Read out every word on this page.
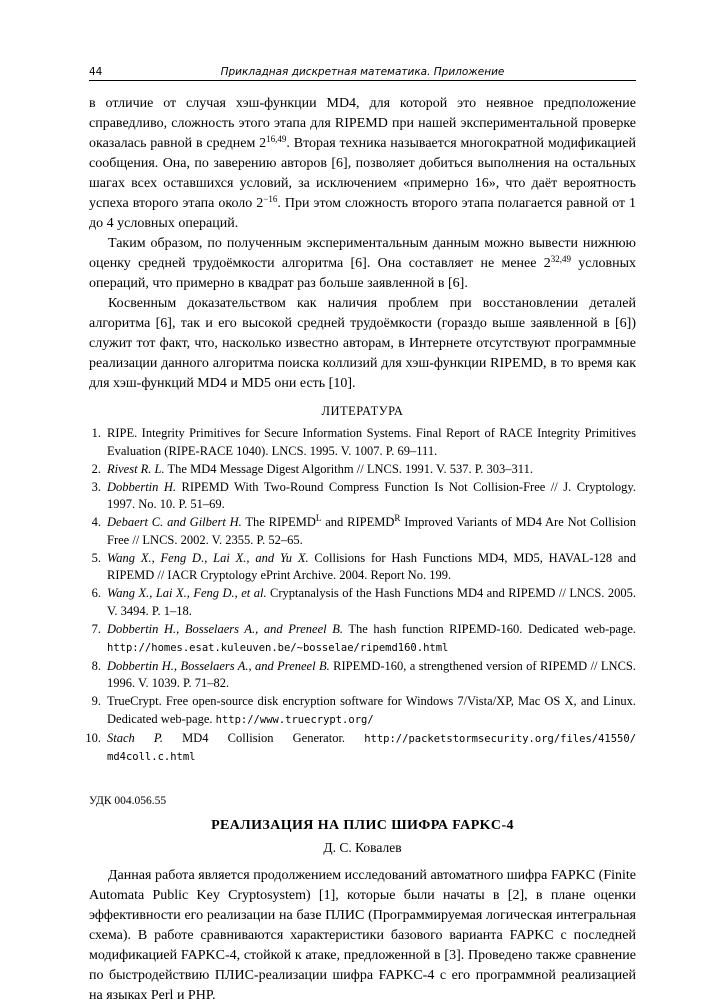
44	Прикладная дискретная математика. Приложение

в отличие от случая хэш-функции MD4, для которой это неявное предположение справедливо, сложность этого этапа для RIPEMD при нашей экспериментальной проверке оказалась равной в среднем 2$^{16,49}$. Вторая техника называется многократной модификацией сообщения. Она, по заверению авторов [6], позволяет добиться выполнения на остальных шагах всех оставшихся условий, за исключением «примерно 16», что даёт вероятность успеха второго этапа около $2^{-16}$. При этом сложность второго этапа полагается равной от 1 до 4 условных операций.

Таким образом, по полученным экспериментальным данным можно вывести нижнюю оценку средней трудоёмкости алгоритма [6]. Она составляет не менее 2$^{32,49}$ условных операций, что примерно в квадрат раз больше заявленной в [6].

Косвенным доказательством как наличия проблем при восстановлении деталей алгоритма [6], так и его высокой средней трудоёмкости (гораздо выше заявленной в [6]) служит тот факт, что, насколько известно авторам, в Интернете отсутствуют программные реализации данного алгоритма поиска коллизий для хэш-функции RIPEMD, в то время как для хэш-функций MD4 и MD5 они есть [10].

ЛИТЕРАТУРА
1 . RIPE. Integrity Primitives for Secure Information Systems. Final Report of RACE Integrity Primitives Evaluation (RIPE-RACE 1040). LNCS. 1995. V. 1007. P. 69–111.
2 . Rivest R. L. The MD4 Message Digest Algorithm // LNCS. 1991. V. 537. P. 303–311.
3 . Dobbertin H. RIPEMD With Two-Round Compress Function Is Not Collision-Free // J. Cryptology. 1997. No. 10. P. 51–69.
4 . Debaert C. and Gilbert H. The $RIPEMD^L$ and $RIPEMD^R$ Improved Variants of MD4 Are Not Collision Free // LNCS. 2002. V. 2355. P. 52–65.
5 . Wang X., Feng D., Lai X., and Yu X. Collisions for Hash Functions MD4, MD5, HAVAL-128 and RIPEMD // IACR Cryptology ePrint Archive. 2004. Report No. 199.
6 . Wang X., Lai X., Feng D., et al. Cryptanalysis of the Hash Functions MD4 and RIPEMD // LNCS. 2005. V. 3494. P. 1–18.
7 . Dobbertin H., Bosselaers A., and Preneel B. The hash function RIPEMD-160. Dedicated web-page. http://homes.esat.kuleuven.be/~bosselae/ripemd160.html
8 . Dobbertin H., Bosselaers A., and Preneel B. RIPEMD-160, a strengthened version of RIPEMD // LNCS. 1996. V. 1039. P. 71–82.
9 . TrueCrypt. Free open-source disk encryption software for Windows 7/Vista/XP, Mac OS X, and Linux. Dedicated web-page. http://www.truecrypt.org/
10 . Stach P. MD4 Collision Generator. http://packetstormsecurity.org/files/41550/ md4coll.c.html
УДК 004.056.55
РЕАЛИЗАЦИЯ НА ПЛИС ШИФРА FAPKC-4
Д. С. Ковалев

Данная работа является продолжением исследований автоматного шифра FAPKC (Finite Automata Public Key Cryptosystem) [1], которые были начаты в [2], в плане оценки эффективности его реализации на базе ПЛИС (Программируемая логическая интегральная схема). В работе сравниваются характеристики базового варианта FAPKC с последней модификацией FAPKC-4, стойкой к атаке, предложенной в [3]. Проведено также сравнение по быстродействию ПЛИС-реализации шифра FAPKC-4 с его программной реализацией на языках Perl и PHP.
